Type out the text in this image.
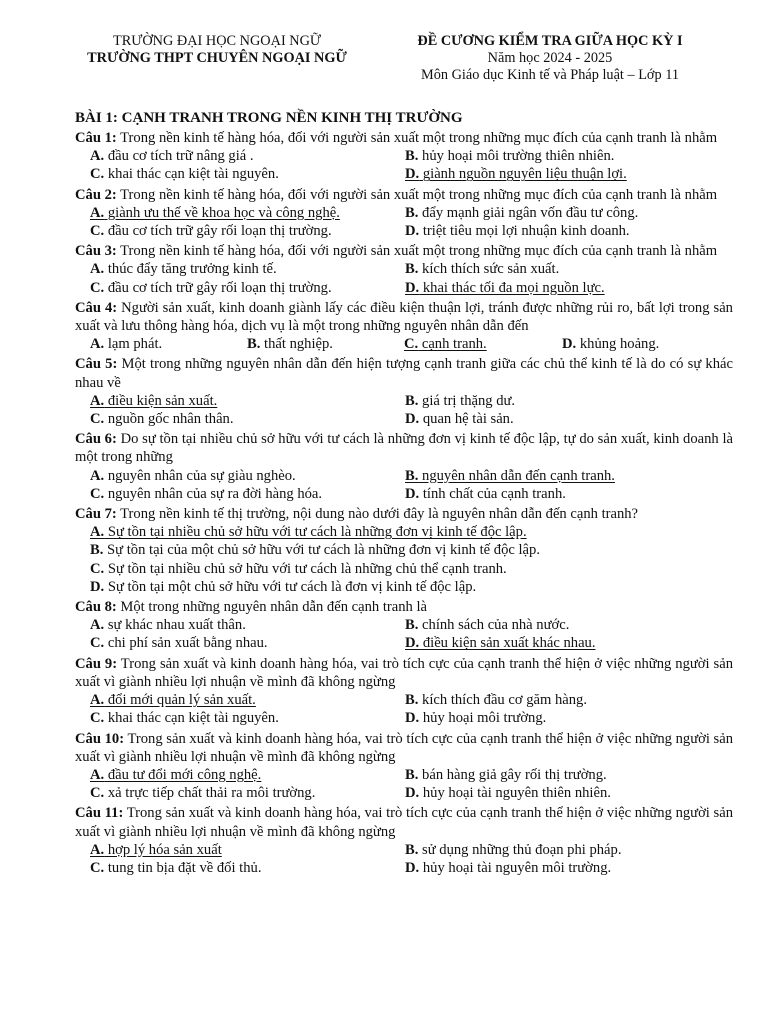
TRƯỜNG ĐẠI HỌC NGOẠI NGỮ
TRƯỜNG THPT CHUYÊN NGOẠI NGỮ
ĐỀ CƯƠNG KIỂM TRA GIỮA HỌC KỲ I
Năm học 2024 - 2025
Môn Giáo dục Kinh tế và Pháp luật – Lớp 11
BÀI 1: CẠNH TRANH TRONG NỀN KINH THỊ TRƯỜNG
Câu 1: Trong nền kinh tế hàng hóa, đối với người sản xuất một trong những mục đích của cạnh tranh là nhằm
A. đầu cơ tích trữ nâng giá .	B. hủy hoại môi trường thiên nhiên.
C. khai thác cạn kiệt tài nguyên.	D. giành nguồn nguyên liệu thuận lợi.
Câu 2: Trong nền kinh tế hàng hóa, đối với người sản xuất một trong những mục đích của cạnh tranh là nhằm
A. giành ưu thế về khoa học và công nghệ.	B. đẩy mạnh giải ngân vốn đầu tư công.
C. đầu cơ tích trữ gây rối loạn thị trường.	D. triệt tiêu mọi lợi nhuận kinh doanh.
Câu 3: Trong nền kinh tế hàng hóa, đối với người sản xuất một trong những mục đích của cạnh tranh là nhằm
A. thúc đẩy tăng trưởng kinh tế.	B. kích thích sức sản xuất.
C. đầu cơ tích trữ gây rối loạn thị trường.	D. khai thác tối đa mọi nguồn lực.
Câu 4: Người sản xuất, kinh doanh giành lấy các điều kiện thuận lợi, tránh được những rủi ro, bất lợi trong sản xuất và lưu thông hàng hóa, dịch vụ là một trong những nguyên nhân dẫn đến
A. lạm phát.	B. thất nghiệp.	C. cạnh tranh.	D. khủng hoảng.
Câu 5: Một trong những nguyên nhân dẫn đến hiện tượng cạnh tranh giữa các chủ thể kinh tế là do có sự khác nhau về
A. điều kiện sản xuất.	B. giá trị thặng dư.
C. nguồn gốc nhân thân.	D. quan hệ tài sản.
Câu 6: Do sự tồn tại nhiều chủ sở hữu với tư cách là những đơn vị kinh tế độc lập, tự do sản xuất, kinh doanh là một trong những
A. nguyên nhân của sự giàu nghèo.	B. nguyên nhân dẫn đến cạnh tranh.
C. nguyên nhân của sự ra đời hàng hóa.	D. tính chất của cạnh tranh.
Câu 7: Trong nền kinh tế thị trường, nội dung nào dưới đây là nguyên nhân dẫn đến cạnh tranh?
A. Sự tồn tại nhiều chủ sở hữu với tư cách là những đơn vị kinh tế độc lập.
B. Sự tồn tại của một chủ sở hữu với tư cách là những đơn vị kinh tế độc lập.
C. Sự tồn tại nhiều chủ sở hữu với tư cách là những chủ thể cạnh tranh.
D. Sự tồn tại một chủ sở hữu với tư cách là đơn vị kinh tế độc lập.
Câu 8: Một trong những nguyên nhân dẫn đến cạnh tranh là
A. sự khác nhau xuất thân.	B. chính sách của nhà nước.
C. chi phí sản xuất bằng nhau.	D. điều kiện sản xuất khác nhau.
Câu 9: Trong sản xuất và kinh doanh hàng hóa, vai trò tích cực của cạnh tranh thể hiện ở việc những người sản xuất vì giành nhiều lợi nhuận về mình đã không ngừng
A. đổi mới quản lý sản xuất.	B. kích thích đầu cơ găm hàng.
C. khai thác cạn kiệt tài nguyên.	D. hủy hoại môi trường.
Câu 10: Trong sản xuất và kinh doanh hàng hóa, vai trò tích cực của cạnh tranh thể hiện ở việc những người sản xuất vì giành nhiều lợi nhuận về mình đã không ngừng
A. đầu tư đổi mới công nghệ.	B. bán hàng giả gây rối thị trường.
C. xả trực tiếp chất thải ra môi trường.	D. hủy hoại tài nguyên thiên nhiên.
Câu 11: Trong sản xuất và kinh doanh hàng hóa, vai trò tích cực của cạnh tranh thể hiện ở việc những người sản xuất vì giành nhiều lợi nhuận về mình đã không ngừng
A. hợp lý hóa sản xuất	B. sử dụng những thủ đoạn phi pháp.
C. tung tin bịa đặt về đối thủ.	D. hủy hoại tài nguyên môi trường.
